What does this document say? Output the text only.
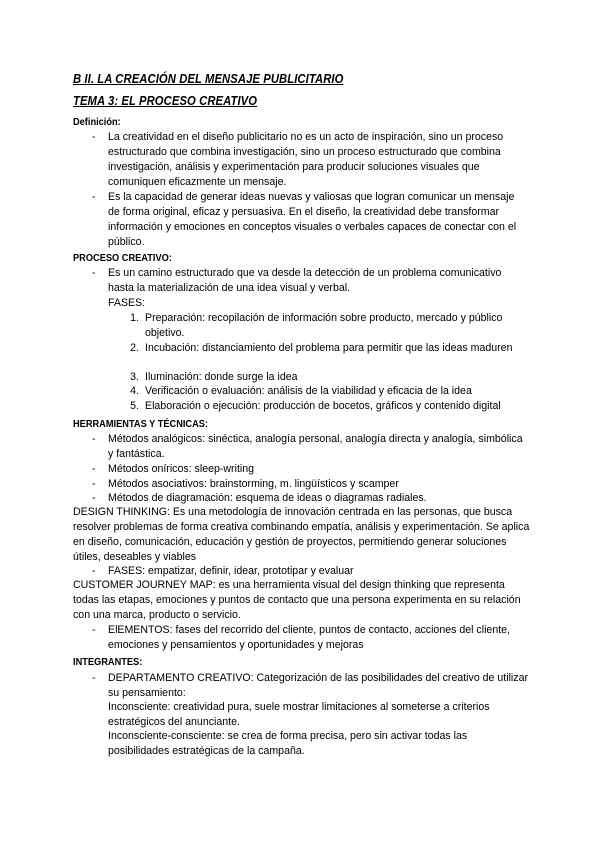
B II. LA CREACIÓN DEL MENSAJE PUBLICITARIO
TEMA 3: EL PROCESO CREATIVO
Definición:
- La creatividad en el diseño publicitario no es un acto de inspiración, sino un proceso estructurado que combina investigación, sino un proceso estructurado que combina investigación, análisis y experimentación para producir soluciones visuales que comuniquen eficazmente un mensaje.
- Es la capacidad de generar ideas nuevas y valiosas que logran comunicar un mensaje de forma original, eficaz y persuasiva. En el diseño, la creatividad debe transformar información y emociones en conceptos visuales o verbales capaces de conectar con el público.
PROCESO CREATIVO:
- Es un camino estructurado que va desde la detección de un problema comunicativo hasta la materialización de una idea visual y verbal.
FASES:
1. Preparación: recopilación de información sobre producto, mercado y público objetivo.
2. Incubación: distanciamiento del problema para permitir que las ideas maduren
3. Iluminación: donde surge la idea
4. Verificación o evaluación: análisis de la viabilidad y eficacia de la idea
5. Elaboración o ejecución: producción de bocetos, gráficos y contenido digital
HERRAMIENTAS Y TÉCNICAS:
- Métodos analógicos: sinéctica, analogía personal, analogía directa y analogía, simbólica y fantástica.
- Métodos oníricos: sleep-writing
- Métodos asociativos: brainstorming, m. lingüísticos y scamper
- Métodos de diagramación: esquema de ideas o diagramas radiales.
DESIGN THINKING: Es una metodología de innovación centrada en las personas, que busca resolver problemas de forma creativa combinando empatía, análisis y experimentación. Se aplica en diseño, comunicación, educación y gestión de proyectos, permitiendo generar soluciones útiles, deseables y viables
- FASES: empatizar, definir, idear, prototipar y evaluar
CUSTOMER JOURNEY MAP: es una herramienta visual del design thinking que representa todas las etapas, emociones y puntos de contacto que una persona experimenta en su relación con una marca, producto o servicio.
- ElEMENTOS: fases del recorrido del cliente, puntos de contacto, acciones del cliente, emociones y pensamientos y oportunidades y mejoras
INTEGRANTES:
- DEPARTAMENTO CREATIVO: Categorización de las posibilidades del creativo de utilizar su pensamiento:
Inconsciente: creatividad pura, suele mostrar limitaciones al someterse a criterios estratégicos del anunciante.
Inconsciente-consciente: se crea de forma precisa, pero sin activar todas las posibilidades estratégicas de la campaña.
